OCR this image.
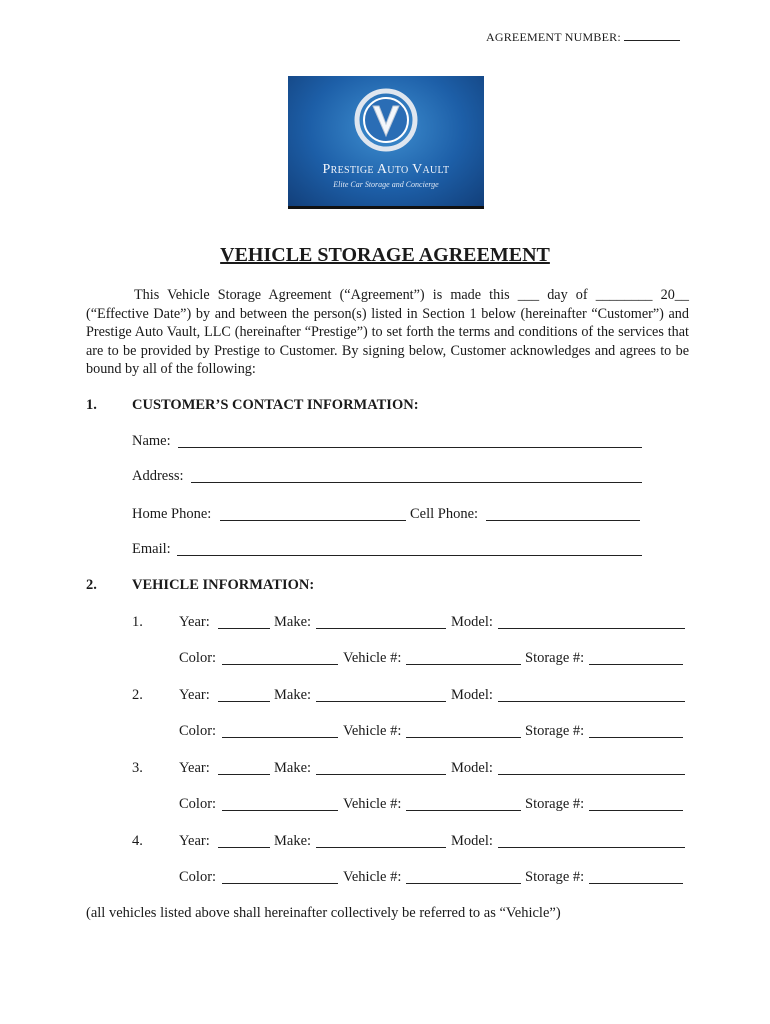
AGREEMENT NUMBER:
Prestige Auto Vault
Elite Car Storage and Concierge
VEHICLE STORAGE AGREEMENT

This Vehicle Storage Agreement (“Agreement”) is made this ___ day of ________ 20__ (“Effective Date”) by and between the person(s) listed in Section 1 below (hereinafter “Customer”) and Prestige Auto Vault, LLC (hereinafter “Prestige”) to set forth the terms and conditions of the services that are to be provided by Prestige to Customer. By signing below, Customer acknowledges and agrees to be bound by all of the following:

1. CUSTOMER’S CONTACT INFORMATION:
Name:
Address:
Home Phone:	Cell Phone:
Email:
2. VEHICLE INFORMATION:
1. Year:	Make:	Model:
Color:	Vehicle #:	Storage #:
2. Year:	Make:	Model:
Color:	Vehicle #:	Storage #:
3. Year:	Make:	Model:
Color:	Vehicle #:	Storage #:
4. Year:	Make:	Model:
Color:	Vehicle #:	Storage #:
(all vehicles listed above shall hereinafter collectively be referred to as “Vehicle”)
